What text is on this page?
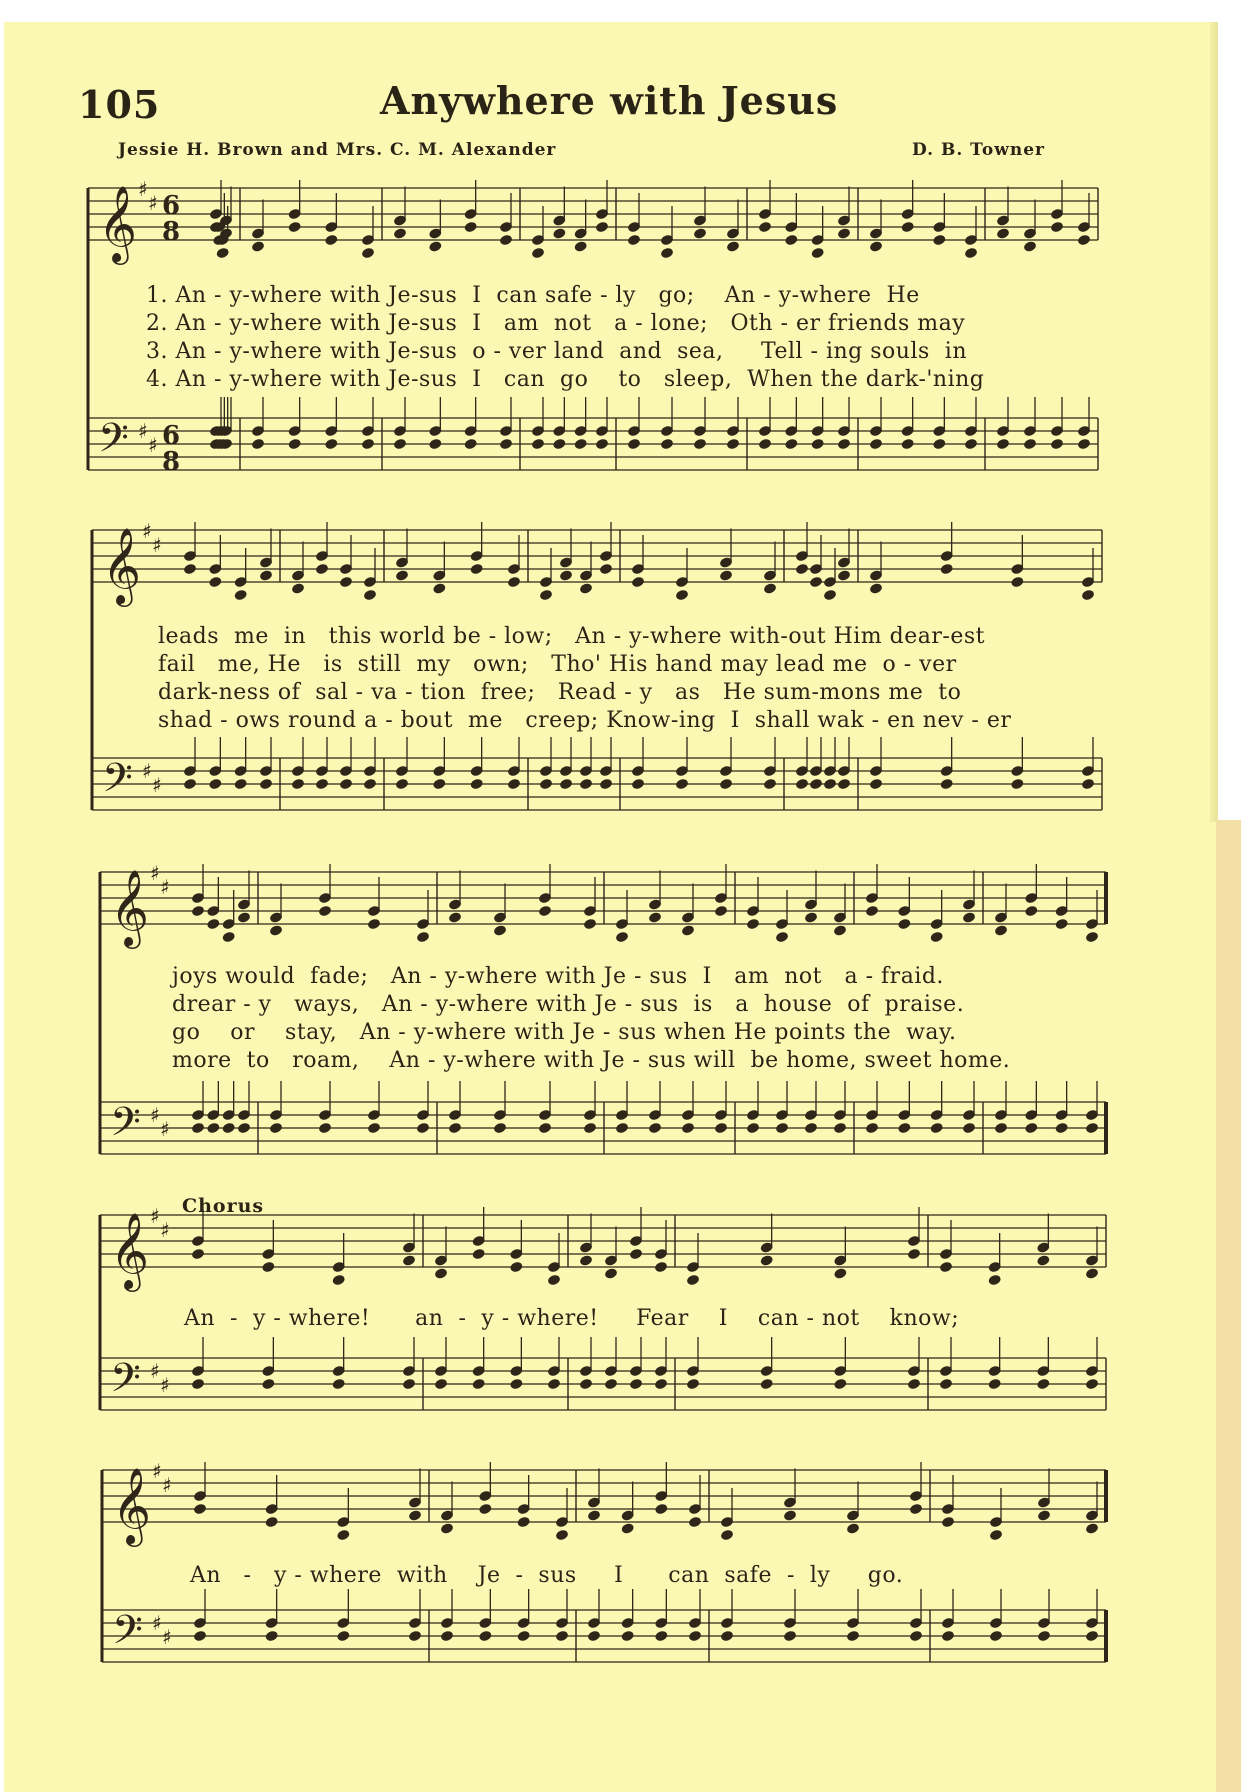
105	Anywhere with Jesus
Jessie H. Brown and Mrs. C. M. Alexander	D. B. Towner
𝄞
𝄢
♯
♯
♯
♯
6
8
6
8
𝄞
𝄢
♯
♯
♯
♯
𝄞
𝄢
♯
♯
♯
♯
𝄞
𝄢
♯
♯
♯
♯
𝄞
𝄢
♯
♯
♯
♯
Chorus
1. An - y-where with Je-sus  I  can safe - ly   go;    An - y-where  He
2. An - y-where with Je-sus  I   am  not   a - lone;   Oth - er friends may
3. An - y-where with Je-sus  o - ver land  and  sea,     Tell - ing souls  in
4. An - y-where with Je-sus  I   can  go    to   sleep,  When the dark-'ning
leads  me  in   this world be - low;   An - y-where with-out Him dear-est
fail   me, He   is  still  my   own;   Tho' His hand may lead me  o - ver
dark-ness of  sal - va - tion  free;   Read - y   as   He sum-mons me  to
shad - ows round a - bout  me   creep; Know-ing  I  shall wak - en nev - er
joys would  fade;   An - y-where with Je - sus  I   am  not   a - fraid.
drear - y   ways,   An - y-where with Je - sus  is   a  house  of  praise.
go    or    stay,   An - y-where with Je - sus when He points the  way.
more  to   roam,    An - y-where with Je - sus will  be home, sweet home.
An  -  y - where!      an  -  y - where!     Fear    I    can - not    know;
An   -   y - where  with    Je  -  sus     I      can  safe  -  ly     go.
